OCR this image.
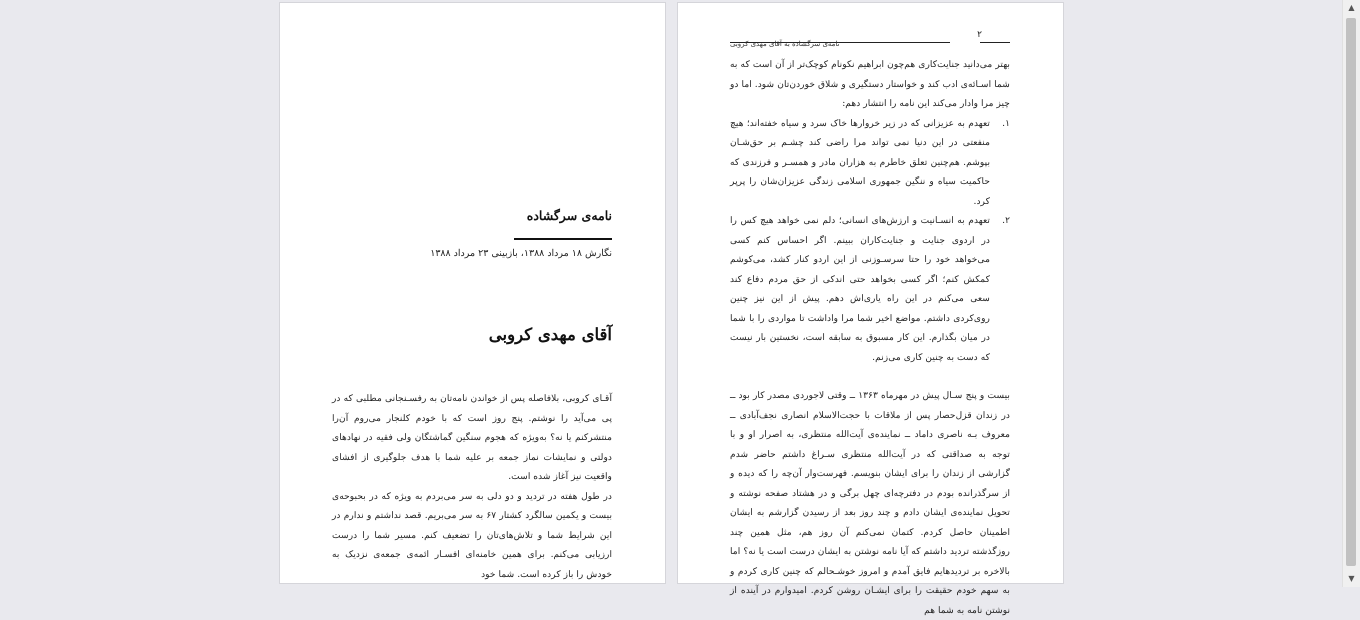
نامه‌ی سرگشاده
نگارش ۱۸ مرداد ۱۳۸۸، بازبینی ۲۳ مرداد ۱۳۸۸
آقای مهدی کروبی

آقـای کروبی، بلافاصله پس از خواندن نامه‌تان به رفسـنجانی مطلبی که در پی می‌آید را نوشتم. پنج روز است که با خودم کلنجار می‌روم آن‌را منتشرکنم یا نه؟ به‌ویژه که هجوم سنگین گماشتگان ولی فقیه در نهادهای دولتی و نمایشات نماز جمعه بر علیه شما با هدف جلوگیری از افشای واقعیت نیز آغاز شده است.

در طول هفته در تردید و دو دلی به سر می‌بردم به ویژه که در بحبوحه‌ی بیست و یکمین سالگرد کشتار ۶۷ به سر می‌بریم. قصد نداشتم و ندارم در این شرایط شما و تلاش‌های‌تان را تضعیف کنم. مسیر شما را درست ارزیابی می‌کنم. برای همین خامنه‌ای افسـار ائمه‌ی جمعه‌ی نزدیک به خودش را باز کرده است. شما خود

۲
نامه‌ی سرگشاده به آقای مهدی کروبی

بهتر می‌دانید جنایت‌کاری هم‌چون ابراهیم نکونام کوچک‌تر از آن است که به شما اسـائه‌ی ادب کند و خواستار دستگیری و شلاق خوردن‌تان شود. اما دو چیز مرا وادار می‌کند این نامه را انتشار دهم:

۱.
تعهدم به عزیزانی که در زیر خروارها خاک سرد و سیاه خفته‌اند؛ هیچ منفعتی در این دنیا نمی تواند مرا راضی کند چشـم بر حق‌شـان بپوشم. هم‌چنین تعلق خاطرم به هزاران مادر و همسـر و فرزندی که حاکمیت سیاه و ننگین جمهوری اسلامی زندگی عزیزان‌شان را پرپر کرد.
۲.
تعهدم به انسـانیت و ارزش‌های انسانی؛ دلم نمی خواهد هیچ کس را در اردوی جنایت و جنایت‌کاران ببینم. اگر احساس کنم کسی می‌خواهد خود را حتا سرسـوزنی از این اردو کنار کشد، می‌کوشم کمکش کنم؛ اگر کسی بخواهد حتی اندکی از حق مردم دفاع کند سعی می‌کنم در این راه یاری‌اش دهم. پیش از این نیز چنین روی‌کردی داشتم. مواضع اخیر شما مرا واداشت تا مواردی را با شما در میان بگذارم. این کار مسبوق به سابقه است، نخستین بار نیست که دست به چنین کاری می‌زنم.

بیست و پنج سـال پیش در مهرماه ۱۳۶۳ ــ وقتی لاجوردی مصدر کار بود ــ در زندان قزل‌حصار پس از ملاقات با حجت‌الاسلام انصاری نجف‌آبادی ــ معروف بـه ناصری داماد ــ نماینده‌ی آیت‌الله منتظری، به اصرار او و با توجه به صداقتی که در آیت‌الله منتظری سـراغ داشتم حاضر شدم گزارشی از زندان را برای ایشان بنویسم. فهرست‌وار آن‌چه را که دیده و از سرگذرانده بودم در دفترچه‌ای چهل برگی و در هشتاد صفحه نوشته و تحویل نماینده‌ی ایشان دادم و چند روز بعد از رسیدن گزارشم به ایشان اطمینان حاصل کردم. کتمان نمی‌کنم آن روز هم، مثل همین چند روزگذشته تردید داشتم که آیا نامه نوشتن به ایشان درست است یا نه؟ اما بالاخره بر تردیدهایم فایق آمدم و امروز خوشـحالم که چنین کاری کردم و به سهم خودم حقیقت را برای ایشـان روشن کردم. امیدوارم در آینده از نوشتن نامه به شما هم

▲
▼
